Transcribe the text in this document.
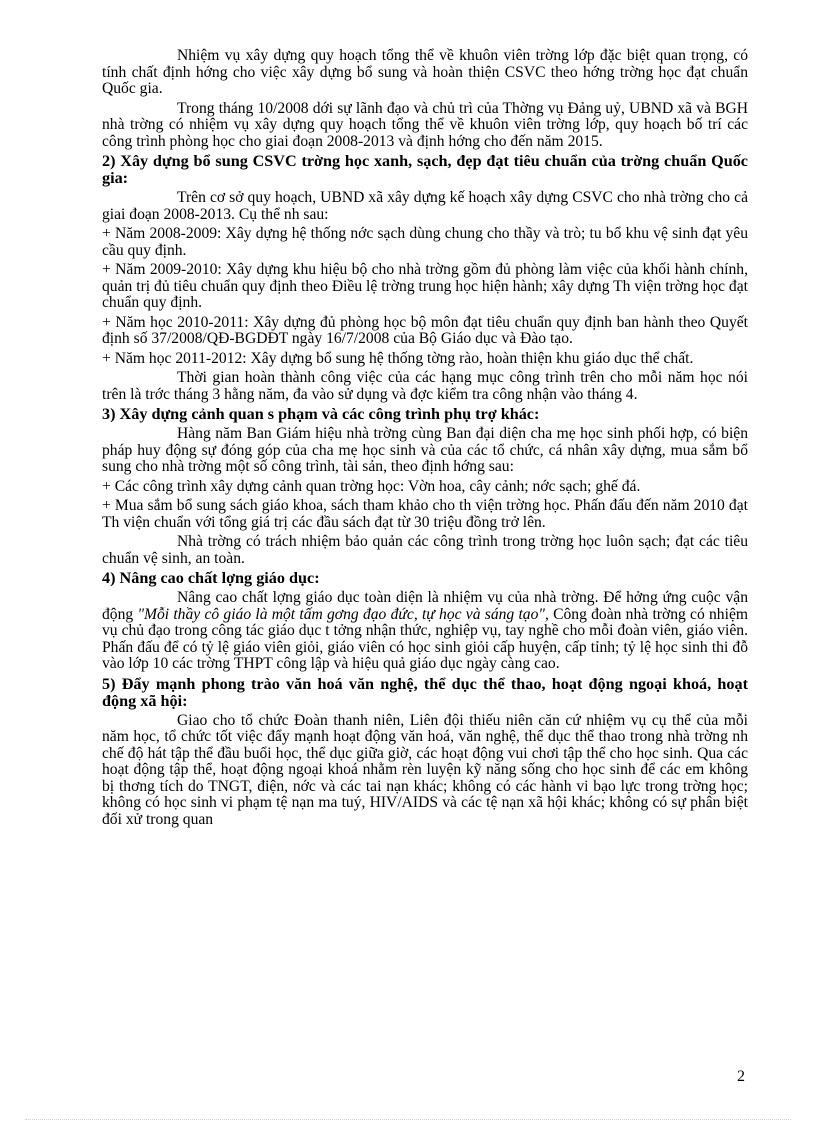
Nhiệm vụ xây dựng quy hoạch tổng thể về khuôn viên trờng lớp đặc biệt quan trọng, có tính chất định hớng cho việc xây dựng bổ sung và hoàn thiện CSVC theo hớng trờng học đạt chuẩn Quốc gia.

Trong tháng 10/2008 dới sự lãnh đạo và chủ trì của Thờng vụ Đảng uỷ, UBND xã và BGH nhà trờng có nhiệm vụ xây dựng quy hoạch tổng thể về khuôn viên trờng lớp, quy hoạch bố trí các công trình phòng học cho giai đoạn 2008-2013 và định hớng cho đến năm 2015.

2) Xây dựng bổ sung CSVC trờng học xanh, sạch, đẹp đạt tiêu chuẩn của trờng chuẩn Quốc gia:

Trên cơ sở quy hoạch, UBND xã xây dựng kế hoạch xây dựng CSVC cho nhà trờng cho cả giai đoạn 2008-2013. Cụ thể nh sau:

+ Năm 2008-2009: Xây dựng hệ thống nớc sạch dùng chung cho thầy và trò; tu bổ khu vệ sinh đạt yêu cầu quy định.

+ Năm 2009-2010: Xây dựng khu hiệu bộ cho nhà trờng gồm đủ phòng làm việc của khối hành chính, quản trị đủ tiêu chuẩn quy định theo Điều lệ trờng trung học hiện hành; xây dựng Th viện trờng học đạt chuẩn quy định.

+ Năm học 2010-2011: Xây dựng đủ phòng học bộ môn đạt tiêu chuẩn quy định ban hành theo Quyết định số 37/2008/QĐ-BGDĐT ngày 16/7/2008 của Bộ Giáo dục và Đào tạo.

+ Năm học 2011-2012: Xây dựng bổ sung hệ thống tờng rào, hoàn thiện khu giáo dục thể chất.

Thời gian hoàn thành công việc của các hạng mục công trình trên cho mỗi năm học nói trên là trớc tháng 3 hằng năm, đa vào sử dụng và đợc kiểm tra công nhận vào tháng 4.

3) Xây dựng cảnh quan s phạm và các công trình phụ trợ khác:

Hàng năm Ban Giám hiệu nhà trờng cùng Ban đại diện cha mẹ học sinh phối hợp, có biện pháp huy động sự đóng góp của cha mẹ học sinh và của các tổ chức, cá nhân xây dựng, mua sắm bổ sung cho nhà trờng một số công trình, tài sản, theo định hớng sau:

+ Các công trình xây dựng cảnh quan trờng học: Vờn hoa, cây cảnh; nớc sạch; ghế đá.

+ Mua sắm bổ sung sách giáo khoa, sách tham khảo cho th viện trờng học. Phấn đấu đến năm 2010 đạt Th viện chuẩn với tổng giá trị các đầu sách đạt từ 30 triệu đồng trở lên.

Nhà trờng có trách nhiệm bảo quản các công trình trong trờng học luôn sạch; đạt các tiêu chuẩn vệ sinh, an toàn.

4) Nâng cao chất lợng giáo dục:

Nâng cao chất lợng giáo dục toàn diện là nhiệm vụ của nhà trờng. Để hởng ứng cuộc vận động "Mỗi thầy cô giáo là một tấm gơng đạo đức, tự học và sáng tạo", Công đoàn nhà trờng có nhiệm vụ chủ đạo trong công tác giáo dục t tởng nhận thức, nghiệp vụ, tay nghề cho mỗi đoàn viên, giáo viên. Phấn đấu để có tỷ lệ giáo viên giỏi, giáo viên có học sinh giỏi cấp huyện, cấp tỉnh; tỷ lệ học sinh thi đỗ vào lớp 10 các trờng THPT công lập và hiệu quả giáo dục ngày càng cao.

5) Đẩy mạnh phong trào văn hoá văn nghệ, thể dục thể thao, hoạt động ngoại khoá, hoạt động xã hội:

Giao cho tổ chức Đoàn thanh niên, Liên đội thiếu niên căn cứ nhiệm vụ cụ thể của mỗi năm học, tổ chức tốt việc đẩy mạnh hoạt động văn hoá, văn nghệ, thể dục thể thao trong nhà trờng nh chế độ hát tập thể đầu buổi học, thể dục giữa giờ, các hoạt động vui chơi tập thể cho học sinh. Qua các hoạt động tập thể, hoạt động ngoại khoá nhằm rèn luyện kỹ năng sống cho học sinh để các em không bị thơng tích do TNGT, điện, nớc và các tai nạn khác; không có các hành vi bạo lực trong trờng học; không có học sinh vi phạm tệ nạn ma tuý, HIV/AIDS và các tệ nạn xã hội khác; không có sự phân biệt đối xử trong quan

2
